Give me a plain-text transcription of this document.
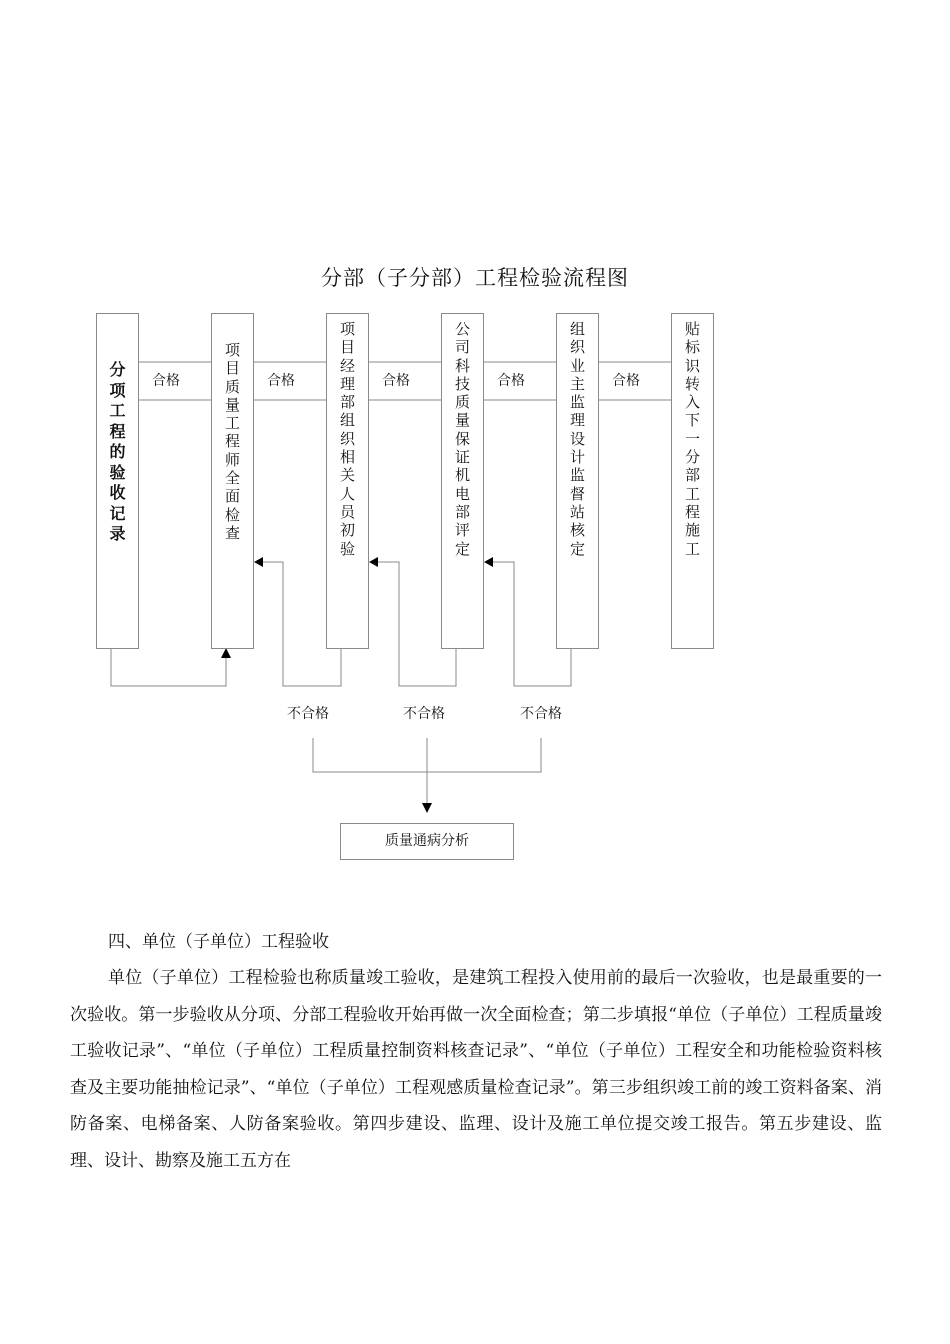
分部（子分部）工程检验流程图
分项工程的验收记录
项目质量工程师全面检查
项目经理部组织相关人员初验
公司科技质量保证机电部评定
组织业主监理设计监督站核定
贴标识转入下一分部工程施工
合格	合格	合格	合格	合格
不合格	不合格	不合格
质量通病分析
四、单位（子单位）工程验收
单位（子单位）工程检验也称质量竣工验收，是建筑工程投入使用前的最后一次验收，也是最重要的一次验收。第一步验收从分项、分部工程验收开始再做一次全面检查；第二步填报“单位（子单位）工程质量竣工验收记录”、“单位（子单位）工程质量控制资料核查记录”、“单位（子单位）工程安全和功能检验资料核查及主要功能抽检记录”、“单位（子单位）工程观感质量检查记录”。第三步组织竣工前的竣工资料备案、消防备案、电梯备案、人防备案验收。第四步建设、监理、设计及施工单位提交竣工报告。第五步建设、监理、设计、勘察及施工五方在
